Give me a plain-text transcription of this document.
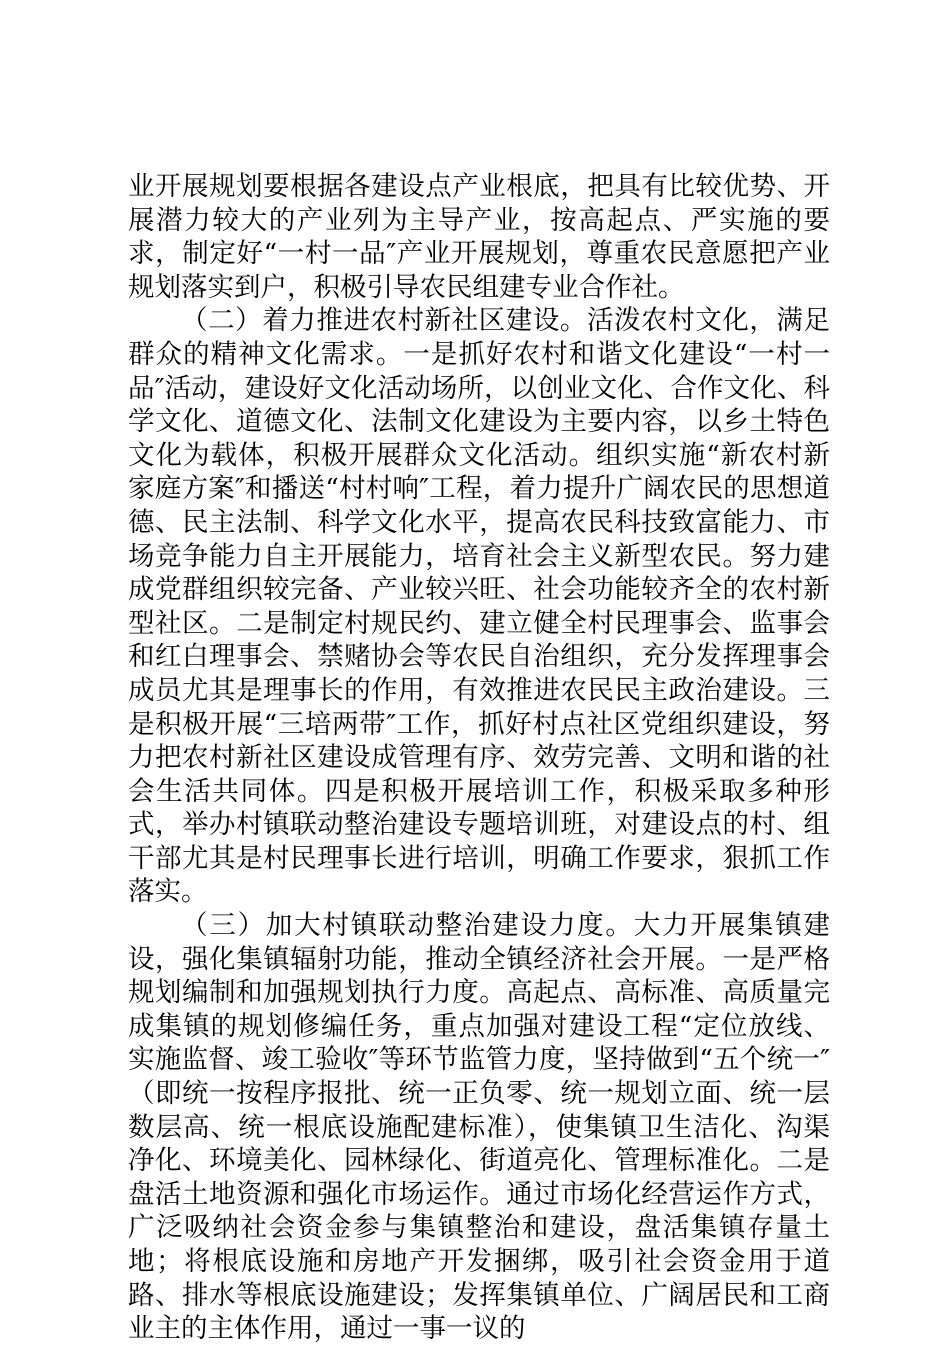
业开展规划要根据各建设点产业根底，把具有比较优势、开展潜力较大的产业列为主导产业，按高起点、严实施的要求，制定好“一村一品″产业开展规划，尊重农民意愿把产业规划落实到户，积极引导农民组建专业合作社。

（二）着力推进农村新社区建设。活泼农村文化，满足群众的精神文化需求。一是抓好农村和谐文化建设“一村一品″活动，建设好文化活动场所，以创业文化、合作文化、科学文化、道德文化、法制文化建设为主要内容，以乡土特色文化为载体，积极开展群众文化活动。组织实施“新农村新家庭方案″和播送“村村响″工程，着力提升广阔农民的思想道德、民主法制、科学文化水平，提高农民科技致富能力、市场竞争能力自主开展能力，培育社会主义新型农民。努力建成党群组织较完备、产业较兴旺、社会功能较齐全的农村新型社区。二是制定村规民约、建立健全村民理事会、监事会和红白理事会、禁赌协会等农民自治组织，充分发挥理事会成员尤其是理事长的作用，有效推进农民民主政治建设。三是积极开展“三培两带″工作，抓好村点社区党组织建设，努力把农村新社区建设成管理有序、效劳完善、文明和谐的社会生活共同体。四是积极开展培训工作，积极采取多种形式，举办村镇联动整治建设专题培训班，对建设点的村、组干部尤其是村民理事长进行培训，明确工作要求，狠抓工作落实。

（三）加大村镇联动整治建设力度。大力开展集镇建设，强化集镇辐射功能，推动全镇经济社会开展。一是严格规划编制和加强规划执行力度。高起点、高标准、高质量完成集镇的规划修编任务，重点加强对建设工程“定位放线、实施监督、竣工验收″等环节监管力度，坚持做到“五个统一″（即统一按程序报批、统一正负零、统一规划立面、统一层数层高、统一根底设施配建标准），使集镇卫生洁化、沟渠净化、环境美化、园林绿化、街道亮化、管理标准化。二是盘活土地资源和强化市场运作。通过市场化经营运作方式，广泛吸纳社会资金参与集镇整治和建设，盘活集镇存量土地；将根底设施和房地产开发捆绑，吸引社会资金用于道路、排水等根底设施建设；发挥集镇单位、广阔居民和工商业主的主体作用，通过一事一议的
